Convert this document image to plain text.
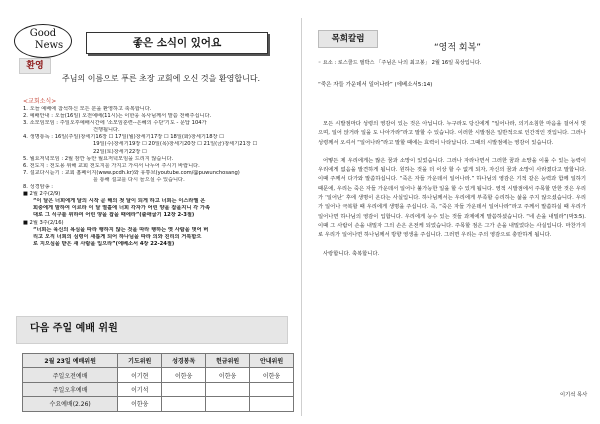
Good
News	좋은 소식이 있어요
환영
주님의 이름으로 푸른 초장 교회에 오신 것을 환영합니다.
<교회소식>
1. 오늘 예배에 참석하신 모든 분을 환영하고 축복합니다.
2. 예배안내 : 오늘(16일) 오전예배(11시)는 이한웅 목사님께서 말씀 전해주십니다.
3. 소모임모임 : 주일오후예배시간에 '소모임훈련--은혜의 수단'기도 - 문답 104가
건행됩니다.
4. 생명통독 : 16일(주일)창세기16장 ☐ 17일(월)창세기17장 ☐ 18일(화)창세기18장 ☐
19일(수)창세기19장 ☐ 20일(목)창세기20장 ☐ 21일(금)창세기21장 ☐
22일(토)창세기22장 ☐
5. 월요저녁모임 : 2월 잠깐 동안 월요저녁모임을 드리지 않습니다.
6. 전도지 : 전도용 위해 교회 전도지를 가지고 가셔서 나누어 주시기 바랍니다.
7. 설교다시듣기 : 교회 홈페이지(www.pcdh.kr)와 유튜브(youtube.com/@puwunchosang)
를 통해 설교를 다시 들으실 수 있습니다.
8. 성경암송 :
■ 2월 2주(2/9)
“이 달은 너희에게 달의 시작 곧 해의 첫 달이 되게 하고 너희는 이스라엘 온
회중에게 말하여 이르라 이 달 열흘에 너희 각자가 어린 양을 잡을지니 각 가족
대로 그 식구를 위하여 어린 양을 잡을 때에라”(출애굽기 12장 2-3절)
■ 2월 3주(2/16)
“너희는 육신의 욕심을 따라 행하지 않는 것을 따라 행하는 옛 사람을 벗어 버
리고 오직 너희의 심령이 새롭게 되어 하나님을 따라 의와 진리의 거룩함으
로 지으심을 받은 새 사람을 입으라”(에베소서 4장 22-24절)
다음 주일 예배 위원
2월 23일 예배위원	기도위원	성경봉독	헌금위원	안내위원
주일오전예배	이기현	이한웅	이한웅	이한웅
주일오후예배	이기석			
수요예배(2.26)	이한웅			
목회칼럼
“영적 회복”
◦ 요소 : 로스쿨드 필박스 「주님은 나의 최고봉」 2월 16일 묵상입니다.
“죽은 자들 가운데서 일어나라” (에베소서5:14)

모든 시발점마다 성령의 영감이 있는 것은 아닙니다. 누구라도 당신에게 “일어나라, 의기소침한 마음을 걸어서 벗으며, 일어 앉거라 일을 도 나아가라”라고 말할 수 있습니다. 이러한 시발점은 일반적으로 인간적인 것입니다. 그러나 성령께서 오셔서 “일어나라”라고 말할 때에는 효력이 나타납니다. 그때의 시발점에는 영감이 있습니다.

어떻든 제 우리에게는 많은 꿈과 소망이 있었습니다. 그러나 자라나면서 그러한 꿈과 소망을 이룰 수 있는 능력이 우리에게 없음을 발견하게 됩니다. 원하는 것을 더 이상 할 수 없게 되자, 자신의 꿈과 소망이 사라졌다고 말합니다. 이때 주께서 다가와 말씀하십니다. “죽은 자들 가운데서 일어나라.” 하나님의 영감은 기적 같은 능력과 함께 일하기 때문에, 우리는 죽은 자들 가운데서 일어나 불가능한 일을 할 수 있게 됩니다. 영적 시발점에서 주목할 만한 것은 우리가 ‘일어난’ 후에 생명이 온다는 사실입니다. 하나님께서는 우리에게 부족할 승리하는 삶을 주지 않으셨습니다. 우리가 일어나 극복할 때 우리에게 생명을 주십니다. 즉, “죽은 자들 가운데서 일어나라”라고 주께서 말씀하실 때 우리가 일어나면 하나님의 영감이 입합니다. 우리에게 능수 있는 것들 과제에게 말씀하셨습니다. “네 손을 내밀라”(막3:5). 이때 그 사람이 손을 내밀자 그의 손은 온전케 되었습니다. 주목할 점은 그가 손을 내밀었다는 사실입니다. 마찬가지로 우리가 일어나면 하나님께서 방향 영생을 주십니다. 그러면 우리는 주의 영감으로 충만하게 됩니다.

사랑합니다. 축복합니다.

이기석 목사
